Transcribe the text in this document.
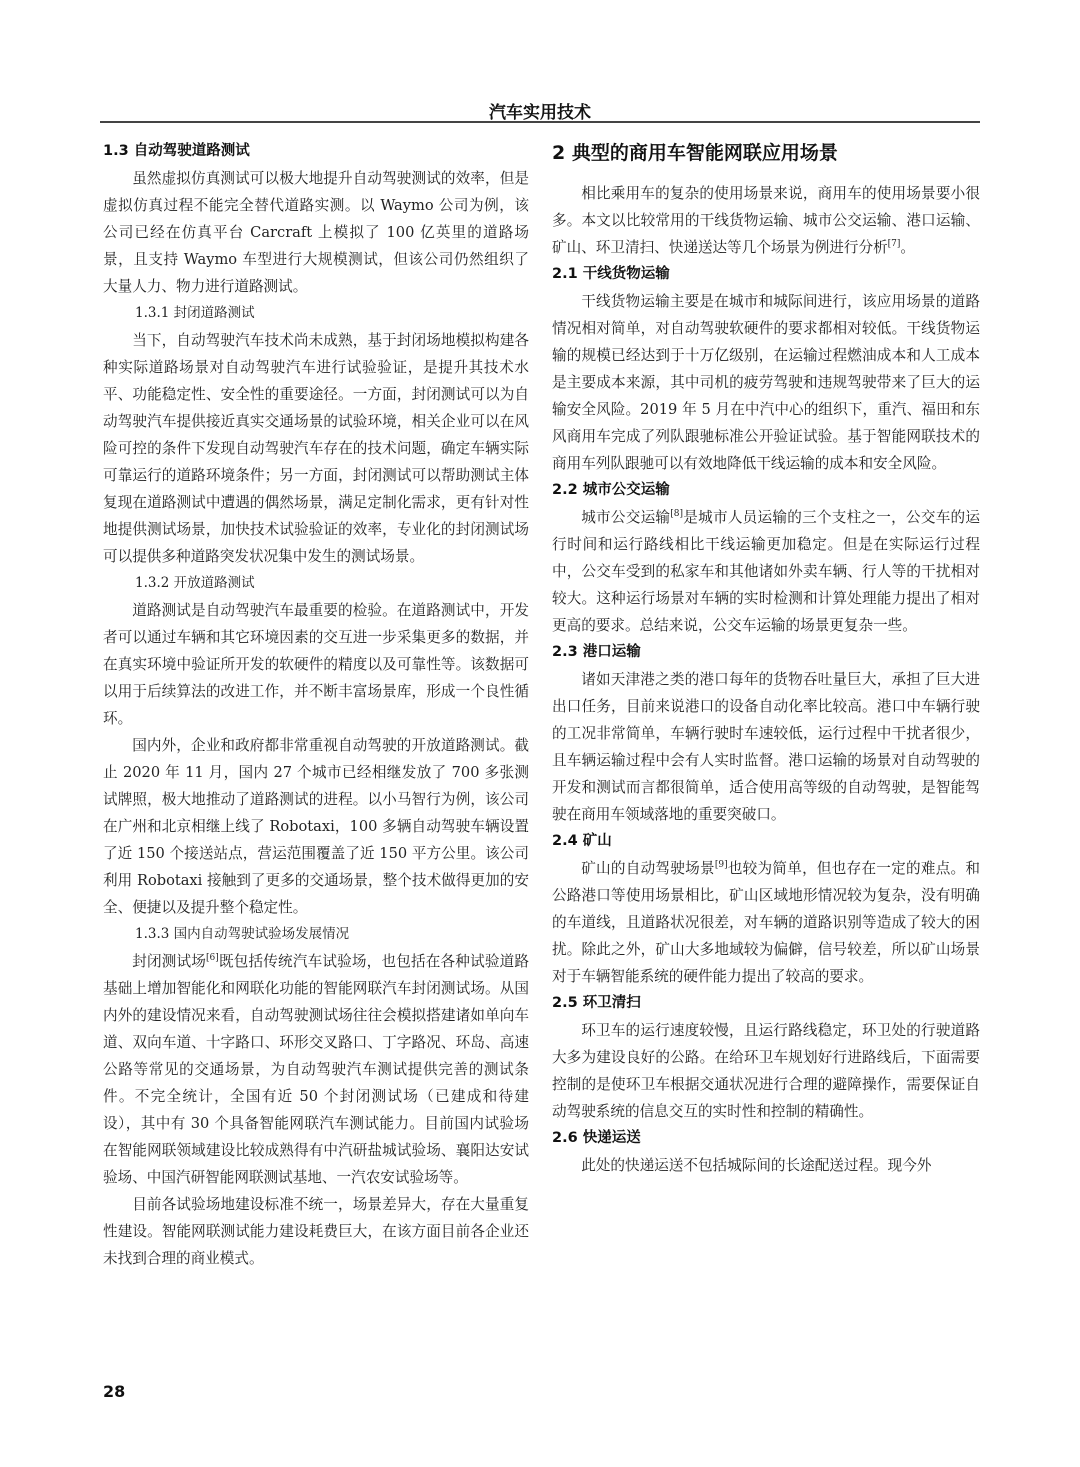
汽车实用技术
1.3 自动驾驶道路测试

虽然虚拟仿真测试可以极大地提升自动驾驶测试的效率，但是虚拟仿真过程不能完全替代道路实测。以 Waymo 公司为例，该公司已经在仿真平台 Carcraft 上模拟了 100 亿英里的道路场景，且支持 Waymo 车型进行大规模测试，但该公司仍然组织了大量人力、物力进行道路测试。

1.3.1 封闭道路测试

当下，自动驾驶汽车技术尚未成熟，基于封闭场地模拟构建各种实际道路场景对自动驾驶汽车进行试验验证，是提升其技术水平、功能稳定性、安全性的重要途径。一方面，封闭测试可以为自动驾驶汽车提供接近真实交通场景的试验环境，相关企业可以在风险可控的条件下发现自动驾驶汽车存在的技术问题，确定车辆实际可靠运行的道路环境条件；另一方面，封闭测试可以帮助测试主体复现在道路测试中遭遇的偶然场景，满足定制化需求，更有针对性地提供测试场景，加快技术试验验证的效率，专业化的封闭测试场可以提供多种道路突发状况集中发生的测试场景。

1.3.2 开放道路测试

道路测试是自动驾驶汽车最重要的检验。在道路测试中，开发者可以通过车辆和其它环境因素的交互进一步采集更多的数据，并在真实环境中验证所开发的软硬件的精度以及可靠性等。该数据可以用于后续算法的改进工作，并不断丰富场景库，形成一个良性循环。

国内外，企业和政府都非常重视自动驾驶的开放道路测试。截止 2020 年 11 月，国内 27 个城市已经相继发放了 700 多张测试牌照，极大地推动了道路测试的进程。以小马智行为例，该公司在广州和北京相继上线了 Robotaxi，100 多辆自动驾驶车辆设置了近 150 个接送站点，营运范围覆盖了近 150 平方公里。该公司利用 Robotaxi 接触到了更多的交通场景，整个技术做得更加的安全、便捷以及提升整个稳定性。

1.3.3 国内自动驾驶试验场发展情况

封闭测试场[6]既包括传统汽车试验场，也包括在各种试验道路基础上增加智能化和网联化功能的智能网联汽车封闭测试场。从国内外的建设情况来看，自动驾驶测试场往往会模拟搭建诸如单向车道、双向车道、十字路口、环形交叉路口、丁字路况、环岛、高速公路等常见的交通场景，为自动驾驶汽车测试提供完善的测试条件。不完全统计，全国有近 50 个封闭测试场（已建成和待建设），其中有 30 个具备智能网联汽车测试能力。目前国内试验场在智能网联领域建设比较成熟得有中汽研盐城试验场、襄阳达安试验场、中国汽研智能网联测试基地、一汽农安试验场等。

目前各试验场地建设标准不统一，场景差异大，存在大量重复性建设。智能网联测试能力建设耗费巨大，在该方面目前各企业还未找到合理的商业模式。

2 典型的商用车智能网联应用场景

相比乘用车的复杂的使用场景来说，商用车的使用场景要小很多。本文以比较常用的干线货物运输、城市公交运输、港口运输、矿山、环卫清扫、快递送达等几个场景为例进行分析[7]。

2.1 干线货物运输

干线货物运输主要是在城市和城际间进行，该应用场景的道路情况相对简单，对自动驾驶软硬件的要求都相对较低。干线货物运输的规模已经达到于十万亿级别，在运输过程燃油成本和人工成本是主要成本来源，其中司机的疲劳驾驶和违规驾驶带来了巨大的运输安全风险。2019 年 5 月在中汽中心的组织下，重汽、福田和东风商用车完成了列队跟驰标准公开验证试验。基于智能网联技术的商用车列队跟驰可以有效地降低干线运输的成本和安全风险。

2.2 城市公交运输

城市公交运输[8]是城市人员运输的三个支柱之一，公交车的运行时间和运行路线相比干线运输更加稳定。但是在实际运行过程中，公交车受到的私家车和其他诸如外卖车辆、行人等的干扰相对较大。这种运行场景对车辆的实时检测和计算处理能力提出了相对更高的要求。总结来说，公交车运输的场景更复杂一些。

2.3 港口运输

诸如天津港之类的港口每年的货物吞吐量巨大，承担了巨大进出口任务，目前来说港口的设备自动化率比较高。港口中车辆行驶的工况非常简单，车辆行驶时车速较低，运行过程中干扰者很少，且车辆运输过程中会有人实时监督。港口运输的场景对自动驾驶的开发和测试而言都很简单，适合使用高等级的自动驾驶，是智能驾驶在商用车领域落地的重要突破口。

2.4 矿山

矿山的自动驾驶场景[9]也较为简单，但也存在一定的难点。和公路港口等使用场景相比，矿山区域地形情况较为复杂，没有明确的车道线，且道路状况很差，对车辆的道路识别等造成了较大的困扰。除此之外，矿山大多地域较为偏僻，信号较差，所以矿山场景对于车辆智能系统的硬件能力提出了较高的要求。

2.5 环卫清扫

环卫车的运行速度较慢，且运行路线稳定，环卫处的行驶道路大多为建设良好的公路。在给环卫车规划好行进路线后，下面需要控制的是使环卫车根据交通状况进行合理的避障操作，需要保证自动驾驶系统的信息交互的实时性和控制的精确性。

2.6 快递运送

此处的快递运送不包括城际间的长途配送过程。现今外

28
